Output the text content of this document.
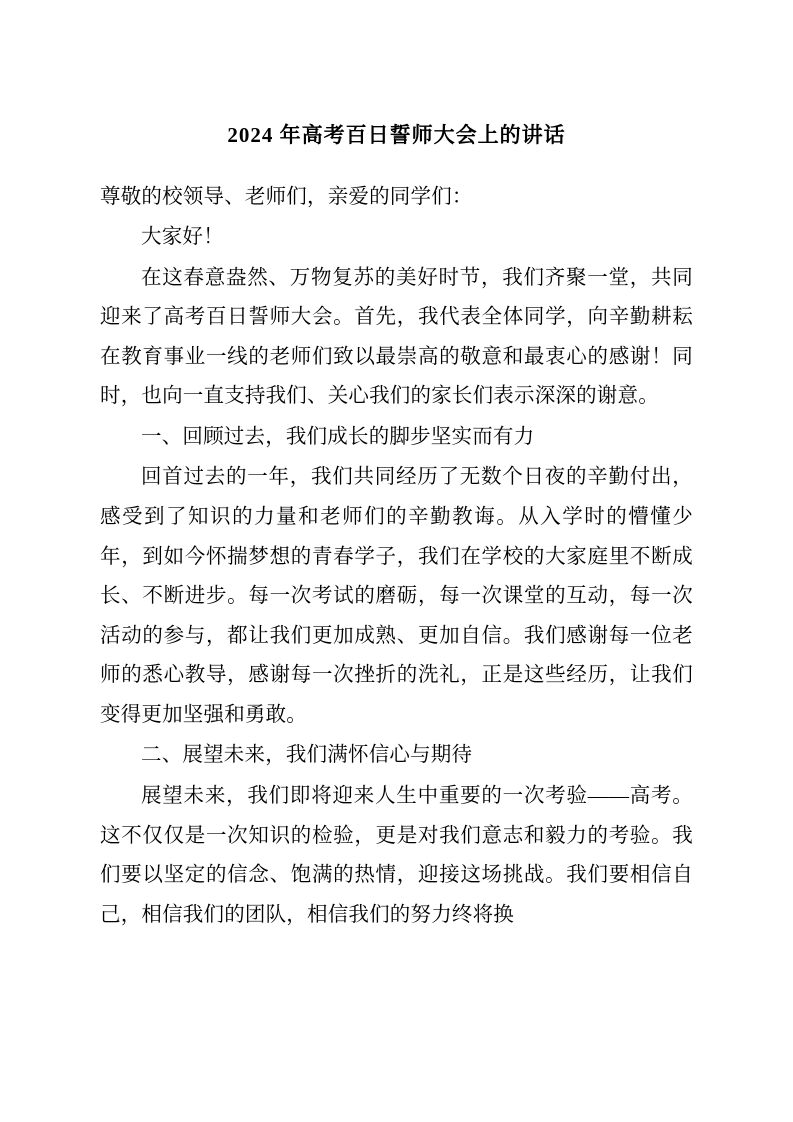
2024 年高考百日誓师大会上的讲话

尊敬的校领导、老师们，亲爱的同学们：

大家好！

在这春意盎然、万物复苏的美好时节，我们齐聚一堂，共同迎来了高考百日誓师大会。首先，我代表全体同学，向辛勤耕耘在教育事业一线的老师们致以最崇高的敬意和最衷心的感谢！同时，也向一直支持我们、关心我们的家长们表示深深的谢意。

一、回顾过去，我们成长的脚步坚实而有力

回首过去的一年，我们共同经历了无数个日夜的辛勤付出，感受到了知识的力量和老师们的辛勤教诲。从入学时的懵懂少年，到如今怀揣梦想的青春学子，我们在学校的大家庭里不断成长、不断进步。每一次考试的磨砺，每一次课堂的互动，每一次活动的参与，都让我们更加成熟、更加自信。我们感谢每一位老师的悉心教导，感谢每一次挫折的洗礼，正是这些经历，让我们变得更加坚强和勇敢。

二、展望未来，我们满怀信心与期待

展望未来，我们即将迎来人生中重要的一次考验——高考。这不仅仅是一次知识的检验，更是对我们意志和毅力的考验。我们要以坚定的信念、饱满的热情，迎接这场挑战。我们要相信自己，相信我们的团队，相信我们的努力终将换
